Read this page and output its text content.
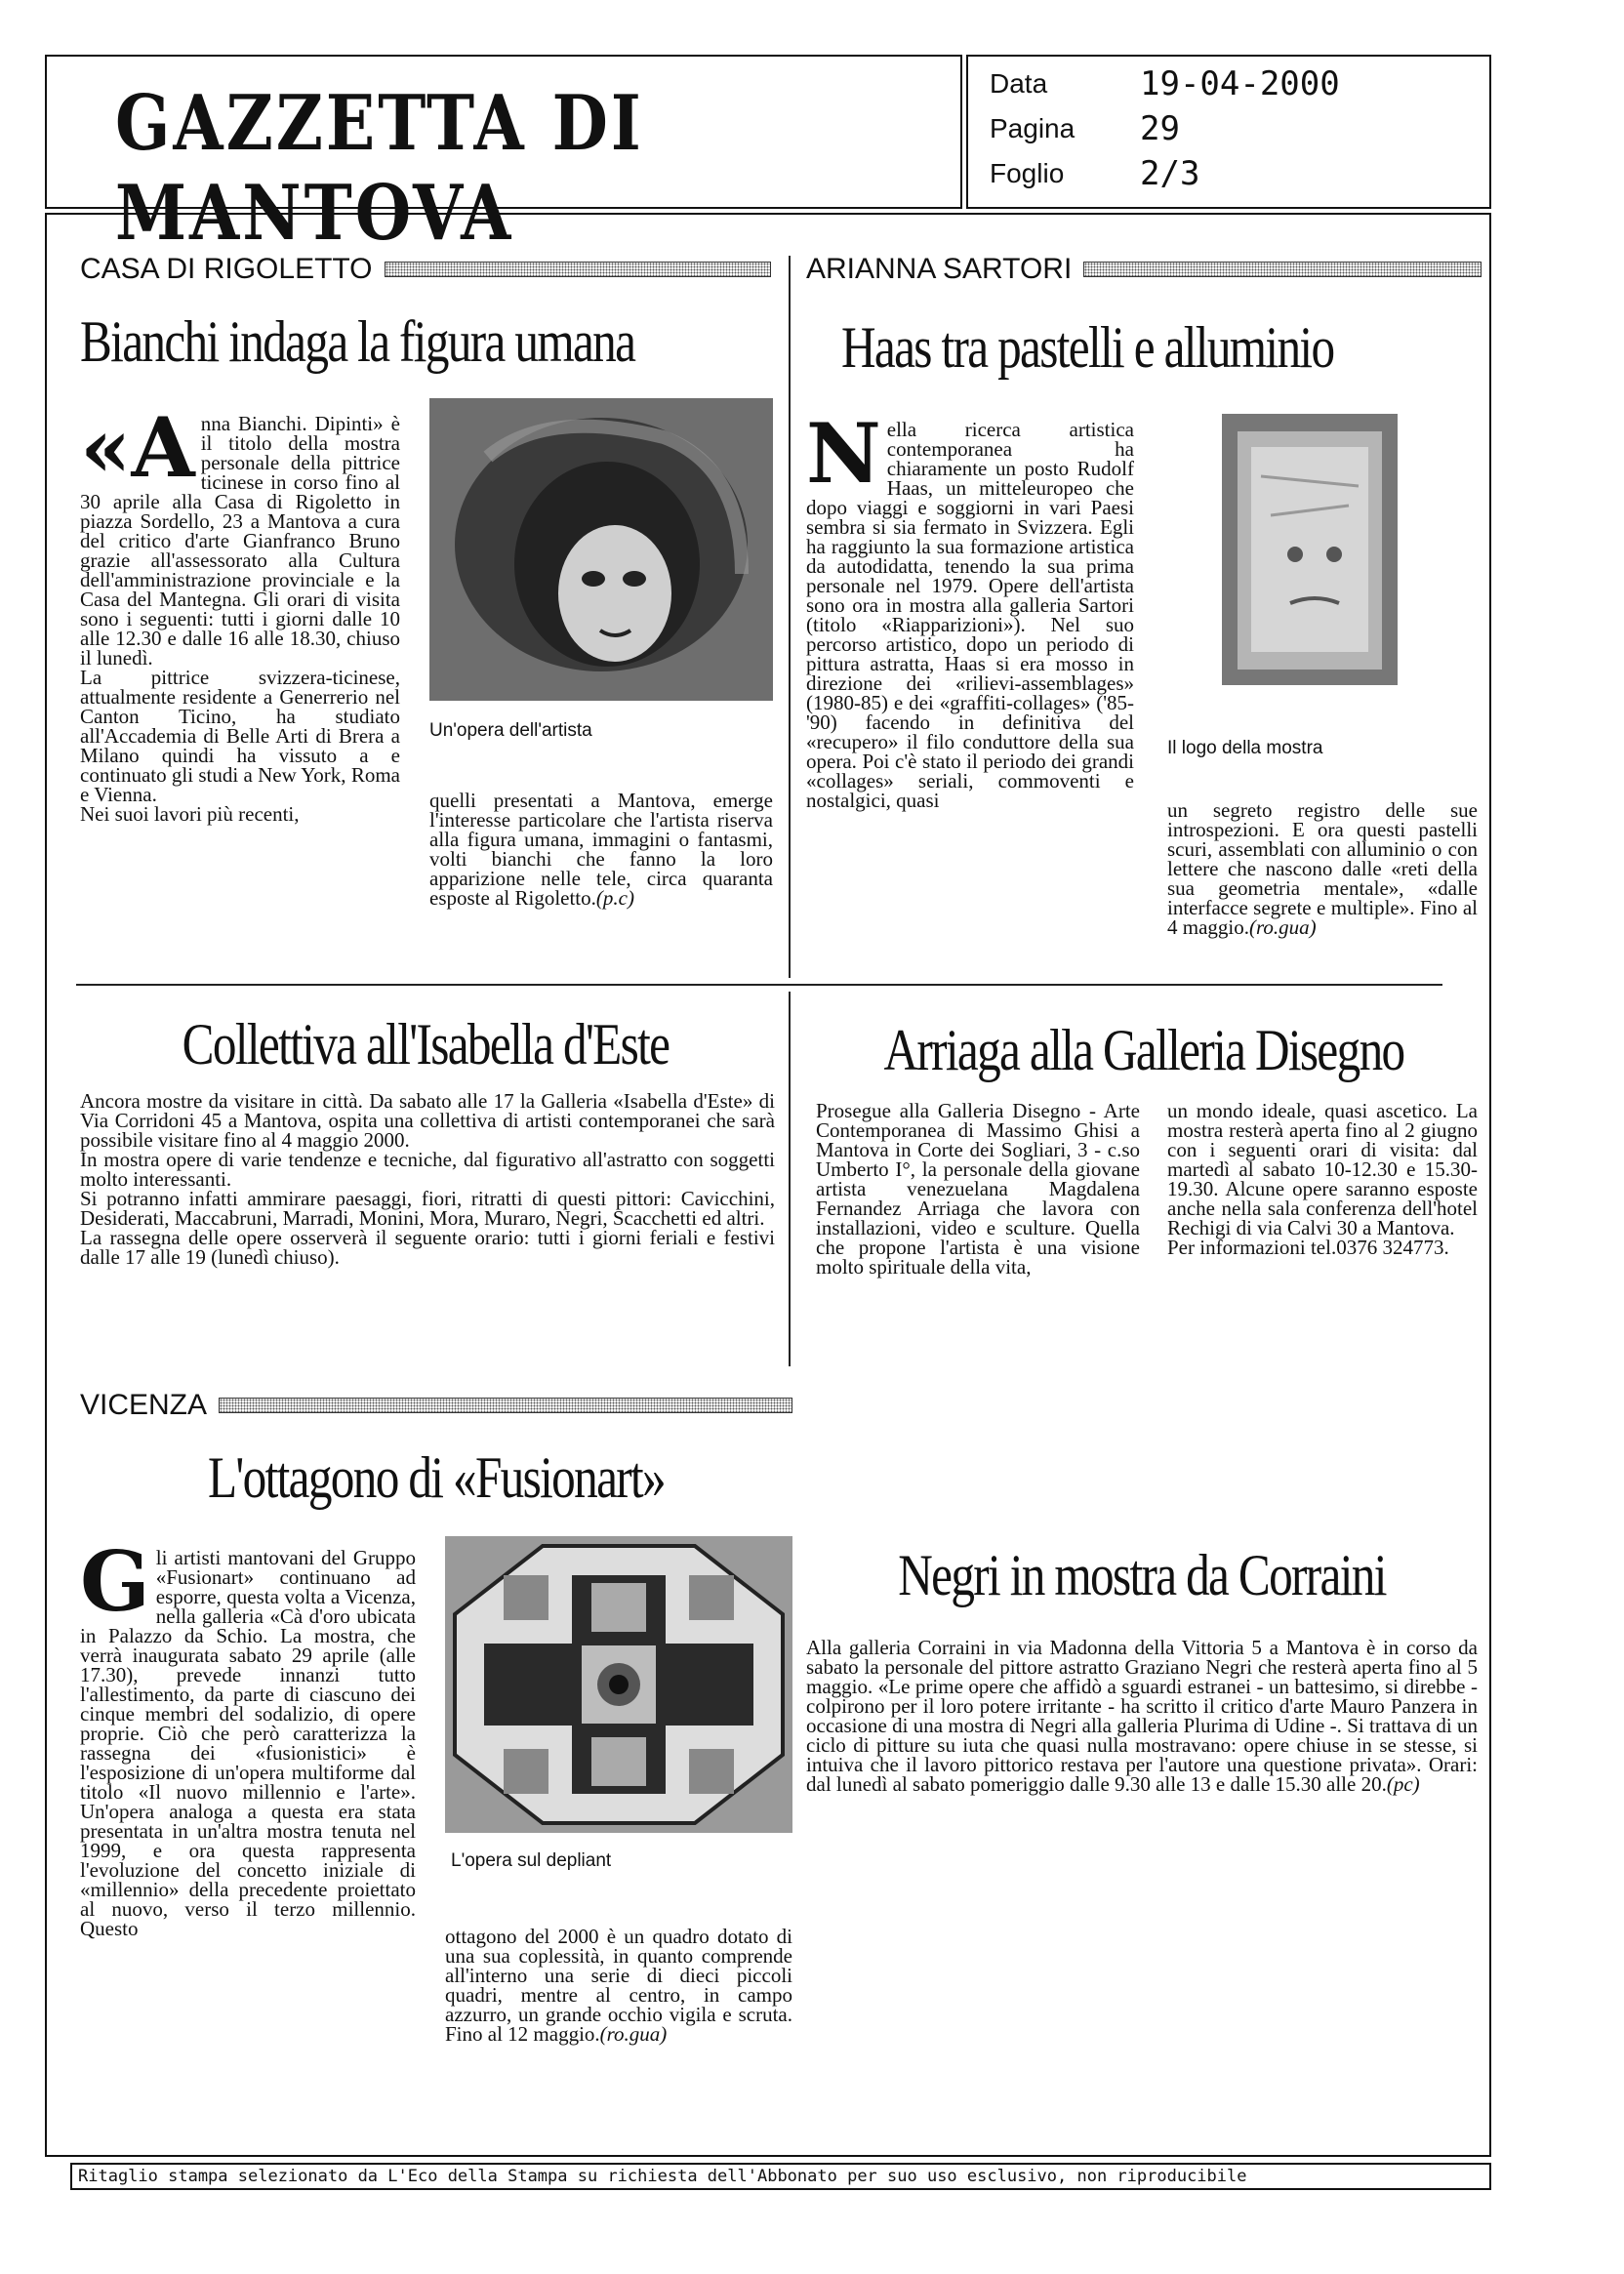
GAZZETTA DI MANTOVA
Data	19-04-2000
Pagina 29
Foglio 2/3
CASA DI RIGOLETTO
Bianchi indaga la figura umana

«Anna Bianchi. Dipinti» è il titolo della mostra personale della pittrice ticinese in corso fino al 30 aprile alla Casa di Rigoletto in piazza Sordello, 23 a Mantova a cura del critico d'arte Gianfranco Bruno grazie all'assessorato alla Cultura dell'amministrazione provinciale e la Casa del Mantegna. Gli orari di visita sono i seguenti: tutti i giorni dalle 10 alle 12.30 e dalle 16 alle 18.30, chiuso il lunedì.
La pittrice svizzera-ticinese, attualmente residente a Generrerio nel Canton Ticino, ha studiato all'Accademia di Belle Arti di Brera a Milano quindi ha vissuto a e continuato gli studi a New York, Roma e Vienna.
Nei suoi lavori più recenti,

Un'opera dell'artista

quelli presentati a Mantova, emerge l'interesse particolare che l'artista riserva alla figura umana, immagini o fantasmi, volti bianchi che fanno la loro apparizione nelle tele, circa quaranta esposte al Rigoletto.(p.c)

ARIANNA SARTORI
Haas tra pastelli e alluminio

Nella ricerca artistica contemporanea ha chiaramente un posto Rudolf Haas, un mitteleuropeo che dopo viaggi e soggiorni in vari Paesi sembra si sia fermato in Svizzera. Egli ha raggiunto la sua formazione artistica da autodidatta, tenendo la sua prima personale nel 1979. Opere dell'artista sono ora in mostra alla galleria Sartori (titolo «Riapparizioni»). Nel suo percorso artistico, dopo un periodo di pittura astratta, Haas si era mosso in direzione dei «rilievi-assemblages» (1980-85) e dei «graffiti-collages» ('85-'90) facendo in definitiva del «recupero» il filo conduttore della sua opera. Poi c'è stato il periodo dei grandi «collages» seriali, commoventi e nostalgici, quasi

Il logo della mostra

un segreto registro delle sue introspezioni. E ora questi pastelli scuri, assemblati con alluminio o con lettere che nascono dalle «reti della sua geometria mentale», «dalle interfacce segrete e multiple». Fino al 4 maggio.(ro.gua)

Collettiva all'Isabella d'Este
Ancora mostre da visitare in città. Da sabato alle 17 la Galleria «Isabella d'Este» di Via Corridoni 45 a Mantova, ospita una collettiva di artisti contemporanei che sarà possibile visitare fino al 4 maggio 2000.
In mostra opere di varie tendenze e tecniche, dal figurativo all'astratto con soggetti molto interessanti.
Si potranno infatti ammirare paesaggi, fiori, ritratti di questi pittori: Cavicchini, Desiderati, Maccabruni, Marradi, Monini, Mora, Muraro, Negri, Scacchetti ed altri.
La rassegna delle opere osserverà il seguente orario: tutti i giorni feriali e festivi dalle 17 alle 19 (lunedì chiuso).
Arriaga alla Galleria Disegno
Prosegue alla Galleria Disegno - Arte Contemporanea di Massimo Ghisi a Mantova in Corte dei Sogliari, 3 - c.so Umberto I°, la personale della giovane artista venezuelana Magdalena Fernandez Arriaga che lavora con installazioni, video e sculture. Quella che propone l'artista è una visione molto spirituale della vita,
un mondo ideale, quasi ascetico. La mostra resterà aperta fino al 2 giugno con i seguenti orari di visita: dal martedì al sabato 10-12.30 e 15.30-19.30. Alcune opere saranno esposte anche nella sala conferenza dell'hotel Rechigi di via Calvi 30 a Mantova.
Per informazioni tel.0376 324773.
VICENZA
L'ottagono di «Fusionart»

Gli artisti mantovani del Gruppo «Fusionart» continuano ad esporre, questa volta a Vicenza, nella galleria «Cà d'oro ubicata in Palazzo da Schio. La mostra, che verrà inaugurata sabato 29 aprile (alle 17.30), prevede innanzi tutto l'allestimento, da parte di ciascuno dei cinque membri del sodalizio, di opere proprie. Ciò che però caratterizza la rassegna dei «fusionistici» è l'esposizione di un'opera multiforme dal titolo «Il nuovo millennio e l'arte». Un'opera analoga a questa era stata presentata in un'altra mostra tenuta nel 1999, e ora questa rappresenta l'evoluzione del concetto iniziale di «millennio» della precedente proiettato al nuovo, verso il terzo millennio. Questo

L'opera sul depliant

ottagono del 2000 è un quadro dotato di una sua coplessità, in quanto comprende all'interno una serie di dieci piccoli quadri, mentre al centro, in campo azzurro, un grande occhio vigila e scruta. Fino al 12 maggio.(ro.gua)

Negri in mostra da Corraini

Alla galleria Corraini in via Madonna della Vittoria 5 a Mantova è in corso da sabato la personale del pittore astratto Graziano Negri che resterà aperta fino al 5 maggio. «Le prime opere che affidò a sguardi estranei - un battesimo, si direbbe - colpirono per il loro potere irritante - ha scritto il critico d'arte Mauro Panzera in occasione di una mostra di Negri alla galleria Plurima di Udine -. Si trattava di un ciclo di pitture su iuta che quasi nulla mostravano: opere chiuse in se stesse, si intuiva che il lavoro pittorico restava per l'autore una questione privata». Orari: dal lunedì al sabato pomeriggio dalle 9.30 alle 13 e dalle 15.30 alle 20.(pc)

Ritaglio stampa selezionato da L'Eco della Stampa su richiesta dell'Abbonato per suo uso esclusivo, non riproducibile
